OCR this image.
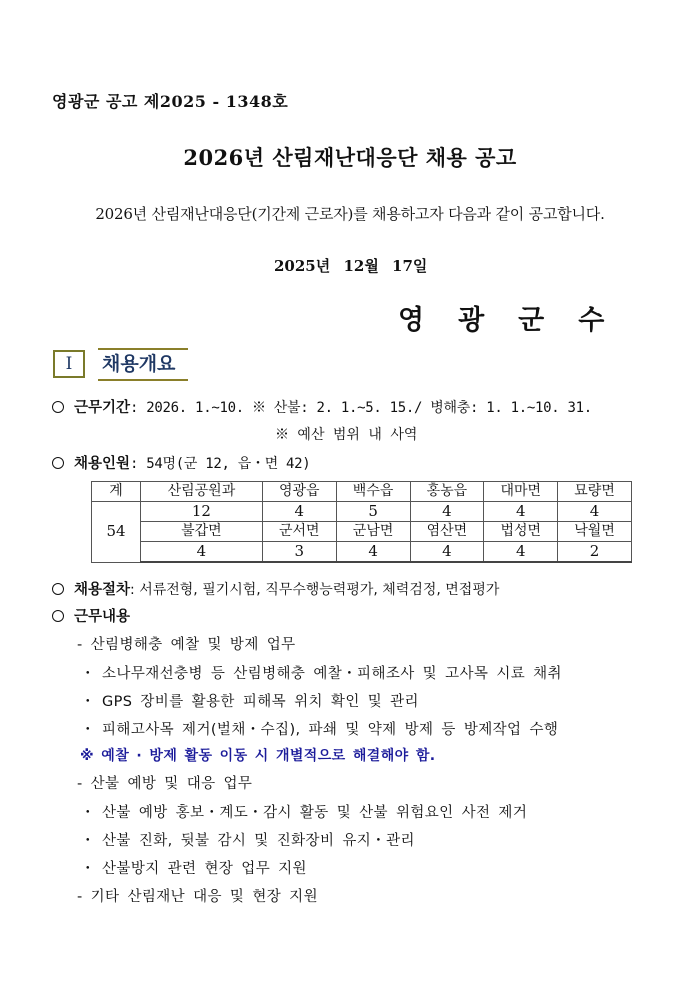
영광군 공고 제2025 - 1348호
2026년 산림재난대응단 채용 공고
2026년 산림재난대응단(기간제 근로자)를 채용하고자 다음과 같이 공고합니다.
2025년 12월 17일
영광군수
Ⅰ	채용개요
근무기간: 2026. 1.~10. ※ 산불: 2. 1.~5. 15./ 병해충: 1. 1.~10. 31.
※ 예산 범위 내 사역
채용인원: 54명(군 12, 읍・면 42)
계	산림공원과	영광읍	백수읍	홍농읍	대마면	묘량면
54	12	4	5	4	4	4
	불갑면	군서면	군남면	염산면	법성면	낙월면
	4	3	4	4	4	2
채용절차: 서류전형, 필기시험, 직무수행능력평가, 체력검정, 면접평가
근무내용
- 산림병해충 예찰 및 방제 업무
・ 소나무재선충병 등 산림병해충 예찰・피해조사 및 고사목 시료 채취
・ GPS 장비를 활용한 피해목 위치 확인 및 관리
・ 피해고사목 제거(벌채・수집), 파쇄 및 약제 방제 등 방제작업 수행
※ 예찰 · 방제 활동 이동 시 개별적으로 해결해야 함.
- 산불 예방 및 대응 업무
・ 산불 예방 홍보・계도・감시 활동 및 산불 위험요인 사전 제거
・ 산불 진화, 뒷불 감시 및 진화장비 유지・관리
・ 산불방지 관련 현장 업무 지원
- 기타 산림재난 대응 및 현장 지원
